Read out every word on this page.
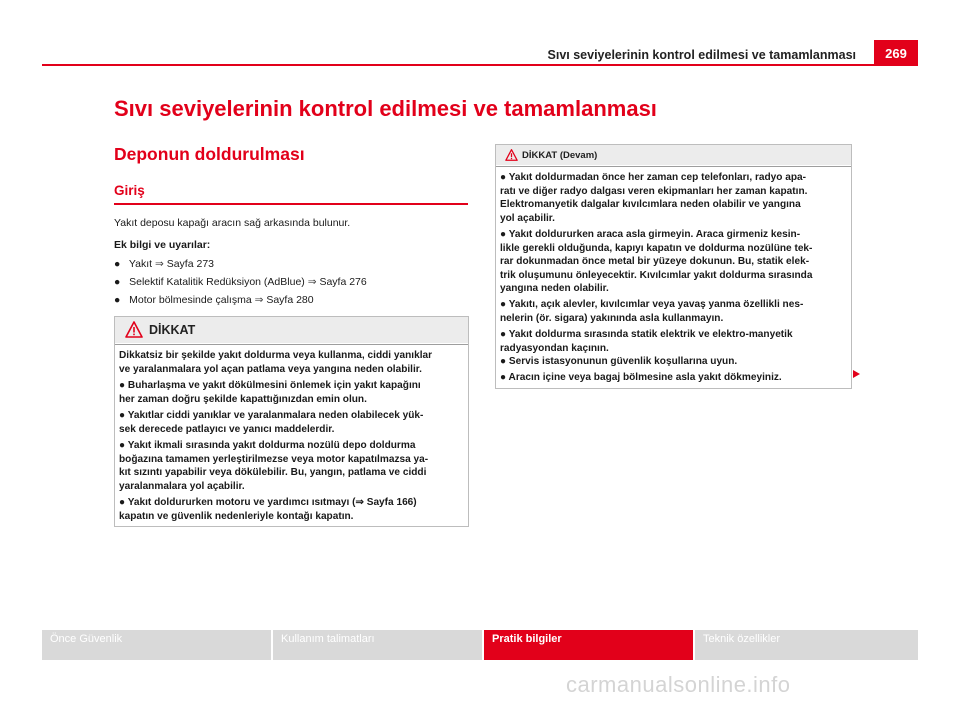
Sıvı seviyelerinin kontrol edilmesi ve tamamlanması	269
Sıvı seviyelerinin kontrol edilmesi ve tamamlanması
Deponun doldurulması
Giriş
Yakıt deposu kapağı aracın sağ arkasında bulunur.
Ek bilgi ve uyarılar:
● Yakıt ⇒ Sayfa 273
● Selektif Katalitik Redüksiyon (AdBlue) ⇒ Sayfa 276
● Motor bölmesinde çalışma ⇒ Sayfa 280
DİKKAT
Dikkatsiz bir şekilde yakıt doldurma veya kullanma, ciddi yanıklar
ve yaralanmalara yol açan patlama veya yangına neden olabilir.
● Buharlaşma ve yakıt dökülmesini önlemek için yakıt kapağını
her zaman doğru şekilde kapattığınızdan emin olun.
● Yakıtlar ciddi yanıklar ve yaralanmalara neden olabilecek yük-
sek derecede patlayıcı ve yanıcı maddelerdir.
● Yakıt ikmali sırasında yakıt doldurma nozülü depo doldurma
boğazına tamamen yerleştirilmezse veya motor kapatılmazsa ya-
kıt sızıntı yapabilir veya dökülebilir. Bu, yangın, patlama ve ciddi
yaralanmalara yol açabilir.
● Yakıt doldururken motoru ve yardımcı ısıtmayı (⇒ Sayfa 166)
kapatın ve güvenlik nedenleriyle kontağı kapatın.
DİKKAT (Devam)
● Yakıt doldurmadan önce her zaman cep telefonları, radyo apa-
ratı ve diğer radyo dalgası veren ekipmanları her zaman kapatın.
Elektromanyetik dalgalar kıvılcımlara neden olabilir ve yangına
yol açabilir.
● Yakıt doldururken araca asla girmeyin. Araca girmeniz kesin-
likle gerekli olduğunda, kapıyı kapatın ve doldurma nozülüne tek-
rar dokunmadan önce metal bir yüzeye dokunun. Bu, statik elek-
trik oluşumunu önleyecektir. Kıvılcımlar yakıt doldurma sırasında
yangına neden olabilir.
● Yakıtı, açık alevler, kıvılcımlar veya yavaş yanma özellikli nes-
nelerin (ör. sigara) yakınında asla kullanmayın.
● Yakıt doldurma sırasında statik elektrik ve elektro-manyetik
radyasyondan kaçının.
● Servis istasyonunun güvenlik koşullarına uyun.
● Aracın içine veya bagaj bölmesine asla yakıt dökmeyiniz.
Önce Güvenlik	Kullanım talimatları	Pratik bilgiler	Teknik özellikler
carmanualsonline.info
